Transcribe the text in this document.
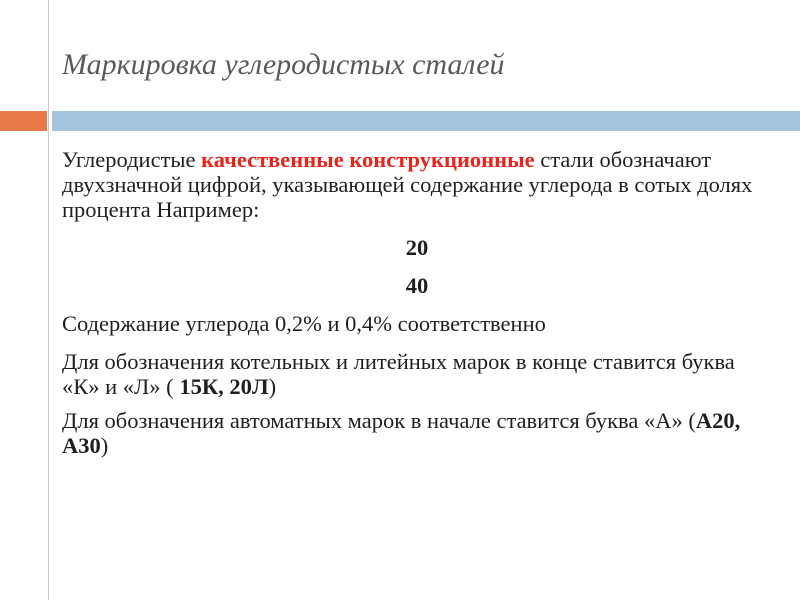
Маркировка углеродистых сталей

Углеродистые качественные конструкционные стали обозначают двухзначной цифрой, указывающей содержание углерода в сотых долях процента Например:

20

40

Содержание углерода 0,2% и 0,4% соответственно

Для обозначения котельных и литейных марок в конце ставится буква «К» и «Л» ( 15К, 20Л)

Для обозначения автоматных марок в начале ставится буква «А» (А20, А30)
